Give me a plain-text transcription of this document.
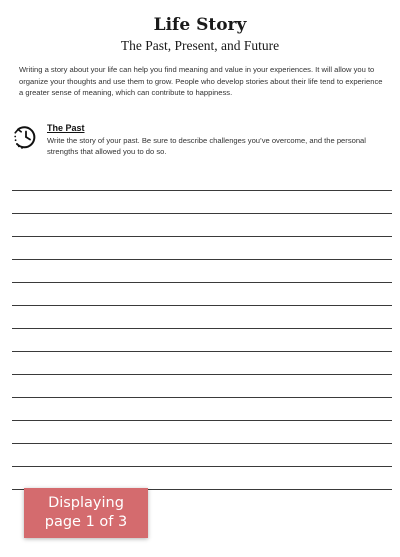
Life Story
The Past, Present, and Future
Writing a story about your life can help you find meaning and value in your experiences. It will allow you to organize your thoughts and use them to grow. People who develop stories about their life tend to experience a greater sense of meaning, which can contribute to happiness.
The Past
Write the story of your past. Be sure to describe challenges you’ve overcome, and the personal strengths that allowed you to do so.
Displaying
page 1 of 3
